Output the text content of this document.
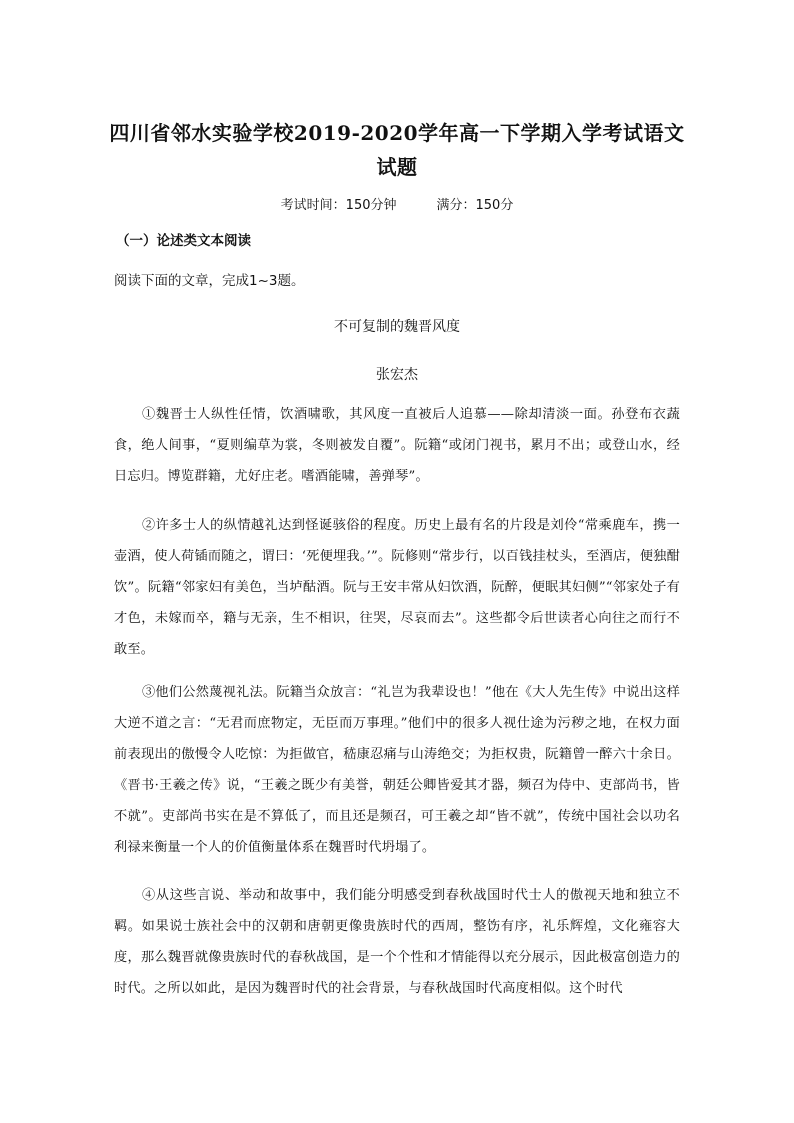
四川省邻水实验学校2019-2020学年高一下学期入学考试语文
试题
考试时间：150分钟	满分：150分
（一）论述类文本阅读
阅读下面的文章，完成1~3题。
不可复制的魏晋风度
张宏杰

①魏晋士人纵性任情，饮酒啸歌，其风度一直被后人追慕——除却清淡一面。孙登布衣蔬食，绝人间事，“夏则编草为裳，冬则被发自覆”。阮籍“或闭门视书，累月不出；或登山水，经日忘归。博览群籍，尤好庄老。嗜酒能啸，善弹琴”。

②许多士人的纵情越礼达到怪诞骇俗的程度。历史上最有名的片段是刘伶“常乘鹿车，携一壶酒，使人荷锸而随之，谓曰：‘死便埋我。’”。阮修则“常步行，以百钱挂杖头，至酒店，便独酣饮”。阮籍“邻家妇有美色，当垆酤酒。阮与王安丰常从妇饮酒，阮醉，便眠其妇侧”“邻家处子有才色，未嫁而卒，籍与无亲，生不相识，往哭，尽哀而去”。这些都令后世读者心向往之而行不敢至。

③他们公然蔑视礼法。阮籍当众放言：“礼岂为我辈设也！”他在《大人先生传》中说出这样大逆不道之言：“无君而庶物定，无臣而万事理。”他们中的很多人视仕途为污秽之地，在权力面前表现出的傲慢令人吃惊：为拒做官，嵇康忍痛与山涛绝交；为拒权贵，阮籍曾一醉六十余日。《晋书·王羲之传》说，“王羲之既少有美誉，朝廷公卿皆爱其才器，频召为侍中、吏部尚书，皆不就”。吏部尚书实在是不算低了，而且还是频召，可王羲之却“皆不就”，传统中国社会以功名利禄来衡量一个人的价值衡量体系在魏晋时代坍塌了。

④从这些言说、举动和故事中，我们能分明感受到春秋战国时代士人的傲视天地和独立不羁。如果说士族社会中的汉朝和唐朝更像贵族时代的西周，整饬有序，礼乐辉煌，文化雍容大度，那么魏晋就像贵族时代的春秋战国，是一个个性和才情能得以充分展示，因此极富创造力的时代。之所以如此，是因为魏晋时代的社会背景，与春秋战国时代高度相似。这个时代
